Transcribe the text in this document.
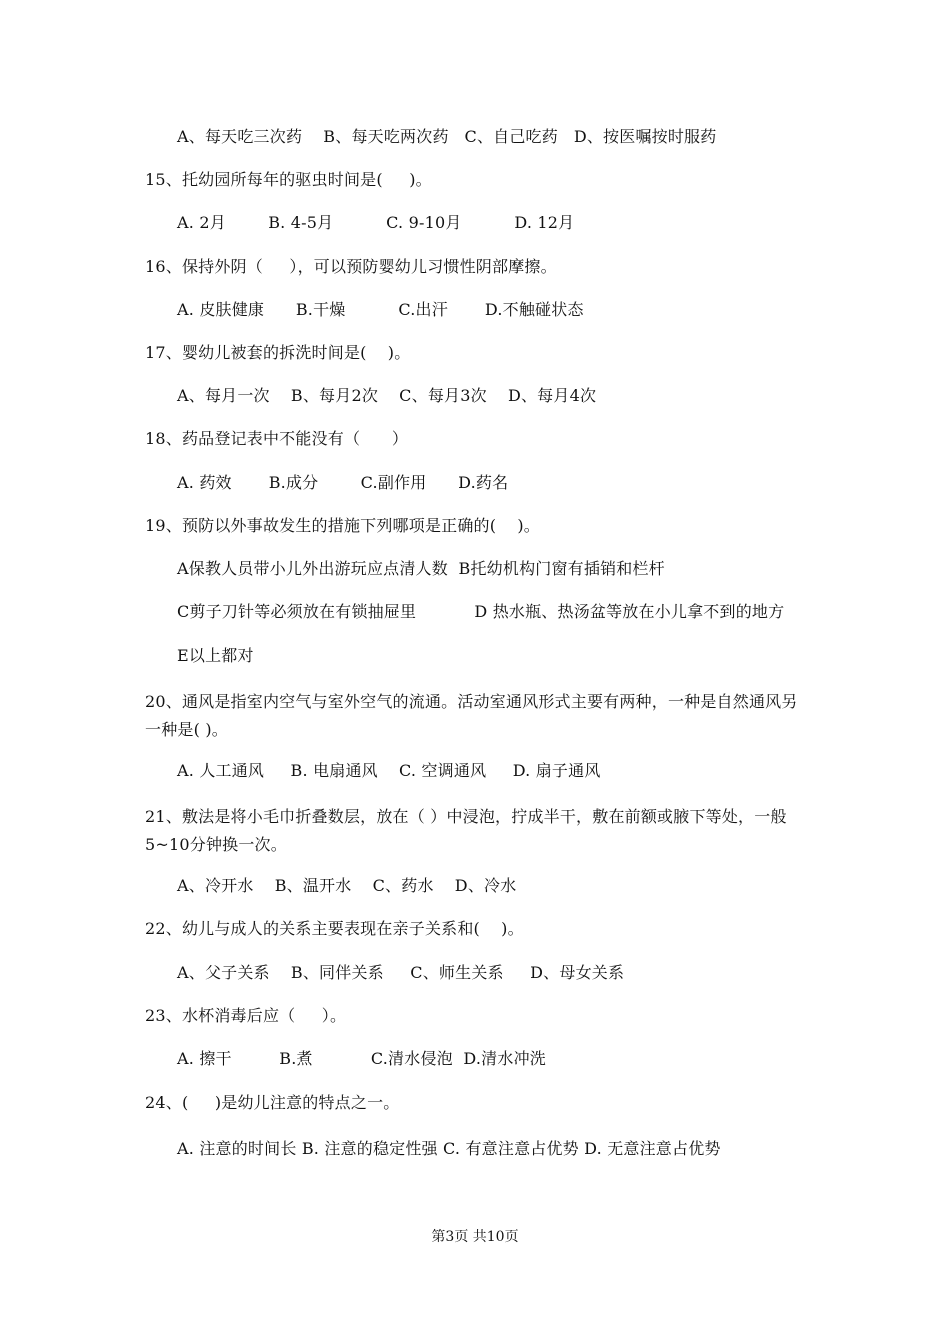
A、每天吃三次药    B、每天吃两次药   C、自己吃药   D、按医嘱按时服药
15、托幼园所每年的驱虫时间是(     )。
A. 2月        B. 4-5月          C. 9-10月          D. 12月
16、保持外阴（     ），可以预防婴幼儿习惯性阴部摩擦。
A. 皮肤健康      B.干燥          C.出汗       D.不触碰状态
17、婴幼儿被套的拆洗时间是(    )。
A、每月一次    B、每月2次    C、每月3次    D、每月4次
18、药品登记表中不能没有（      ）
A. 药效       B.成分        C.副作用      D.药名
19、预防以外事故发生的措施下列哪项是正确的(    )。
A保教人员带小儿外出游玩应点清人数  B托幼机构门窗有插销和栏杆
C剪子刀针等必须放在有锁抽屉里           D 热水瓶、热汤盆等放在小儿拿不到的地方
E以上都对
20、通风是指室内空气与室外空气的流通。活动室通风形式主要有两种，一种是自然通风另一种是( )。
A. 人工通风     B. 电扇通风    C. 空调通风     D. 扇子通风
21、敷法是将小毛巾折叠数层，放在（ ）中浸泡，拧成半干，敷在前额或腋下等处，一般5~10分钟换一次。
A、冷开水    B、温开水    C、药水    D、冷水
22、幼儿与成人的关系主要表现在亲子关系和(    )。
A、父子关系    B、同伴关系     C、师生关系     D、母女关系
23、水杯消毒后应（     ）。
A. 擦干         B.煮           C.清水侵泡  D.清水冲洗
24、(     )是幼儿注意的特点之一。
A. 注意的时间长 B. 注意的稳定性强 C. 有意注意占优势 D. 无意注意占优势
第3页 共10页
